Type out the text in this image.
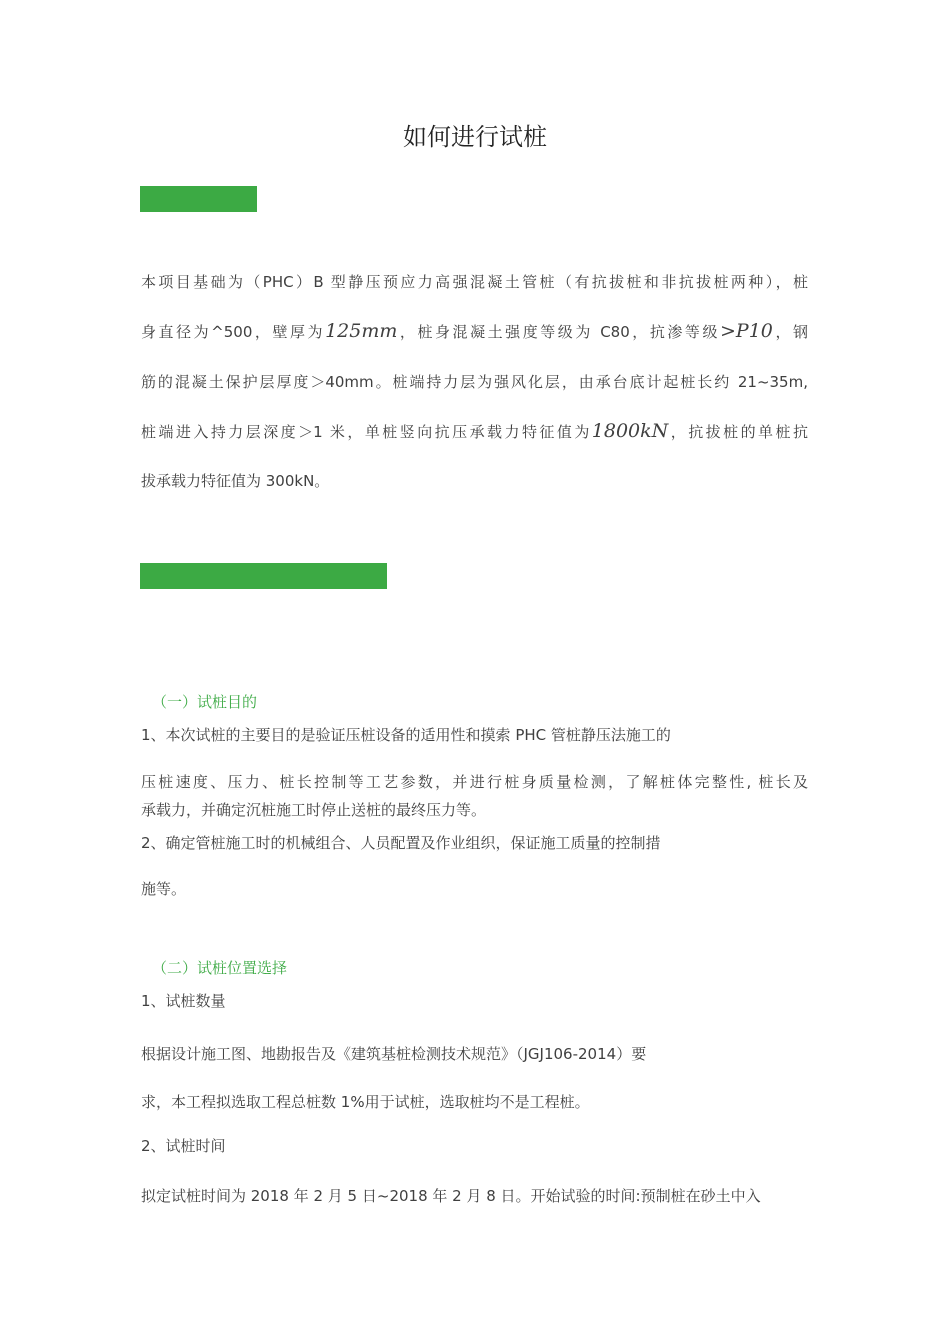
如何进行试桩
本项目基础为（PHC）B 型静压预应力高强混凝土管桩（有抗拔桩和非抗拔桩两种），桩
身直径为^500，壁厚为125mm，桩身混凝土强度等级为 C80，抗渗等级>P10，钢
筋的混凝土保护层厚度＞40mm。桩端持力层为强风化层，由承台底计起桩长约 21~35m,
桩端进入持力层深度＞1 米，单桩竖向抗压承载力特征值为1800kN，抗拔桩的单桩抗
拔承载力特征值为 300kN。
（一）试桩目的
1、本次试桩的主要目的是验证压桩设备的适用性和摸索 PHC 管桩静压法施工的
压桩速度、压力、桩长控制等工艺参数，并进行桩身质量检测，了解桩体完整性, 桩长及
承载力，并确定沉桩施工时停止送桩的最终压力等。
2、确定管桩施工时的机械组合、人员配置及作业组织，保证施工质量的控制措
施等。
（二）试桩位置选择
1、试桩数量
根据设计施工图、地勘报告及《建筑基桩检测技术规范》（JGJ106-2014）要
求，本工程拟选取工程总桩数 1%用于试桩，选取桩均不是工程桩。
2、试桩时间
拟定试桩时间为 2018 年 2 月 5 日~2018 年 2 月 8 日。开始试验的时间:预制桩在砂土中入
